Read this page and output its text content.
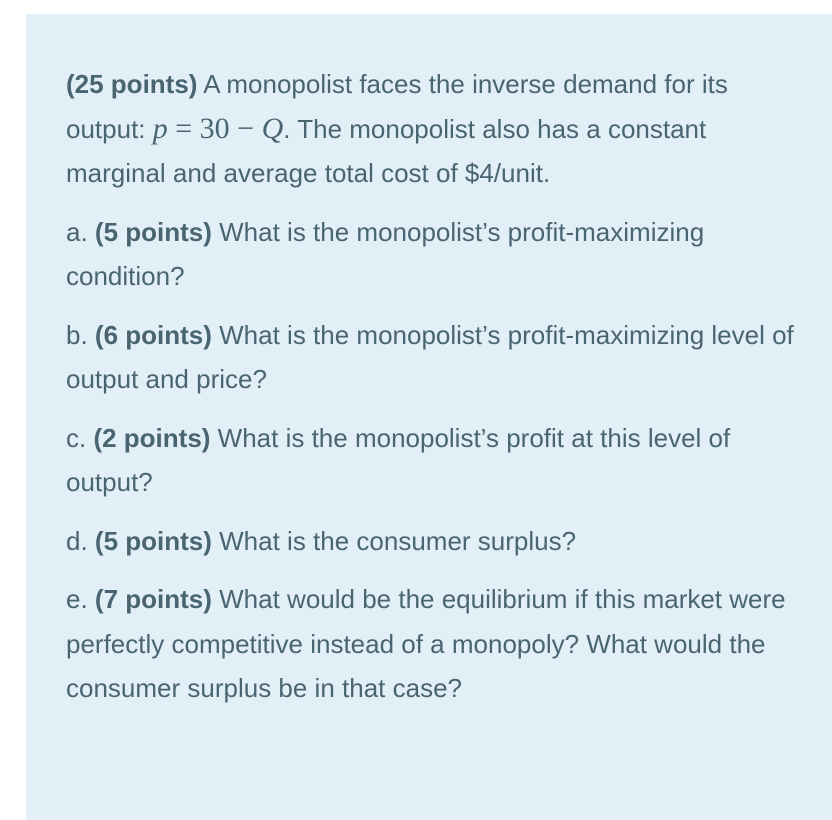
(25 points) A monopolist faces the inverse demand for its output: p = 30 − Q. The monopolist also has a constant marginal and average total cost of $4/unit.

a. (5 points) What is the monopolist’s profit-maximizing condition?

b. (6 points) What is the monopolist’s profit-maximizing level of output and price?

c. (2 points) What is the monopolist’s profit at this level of output?

d. (5 points) What is the consumer surplus?

e. (7 points) What would be the equilibrium if this market were perfectly competitive instead of a monopoly? What would the consumer surplus be in that case?
